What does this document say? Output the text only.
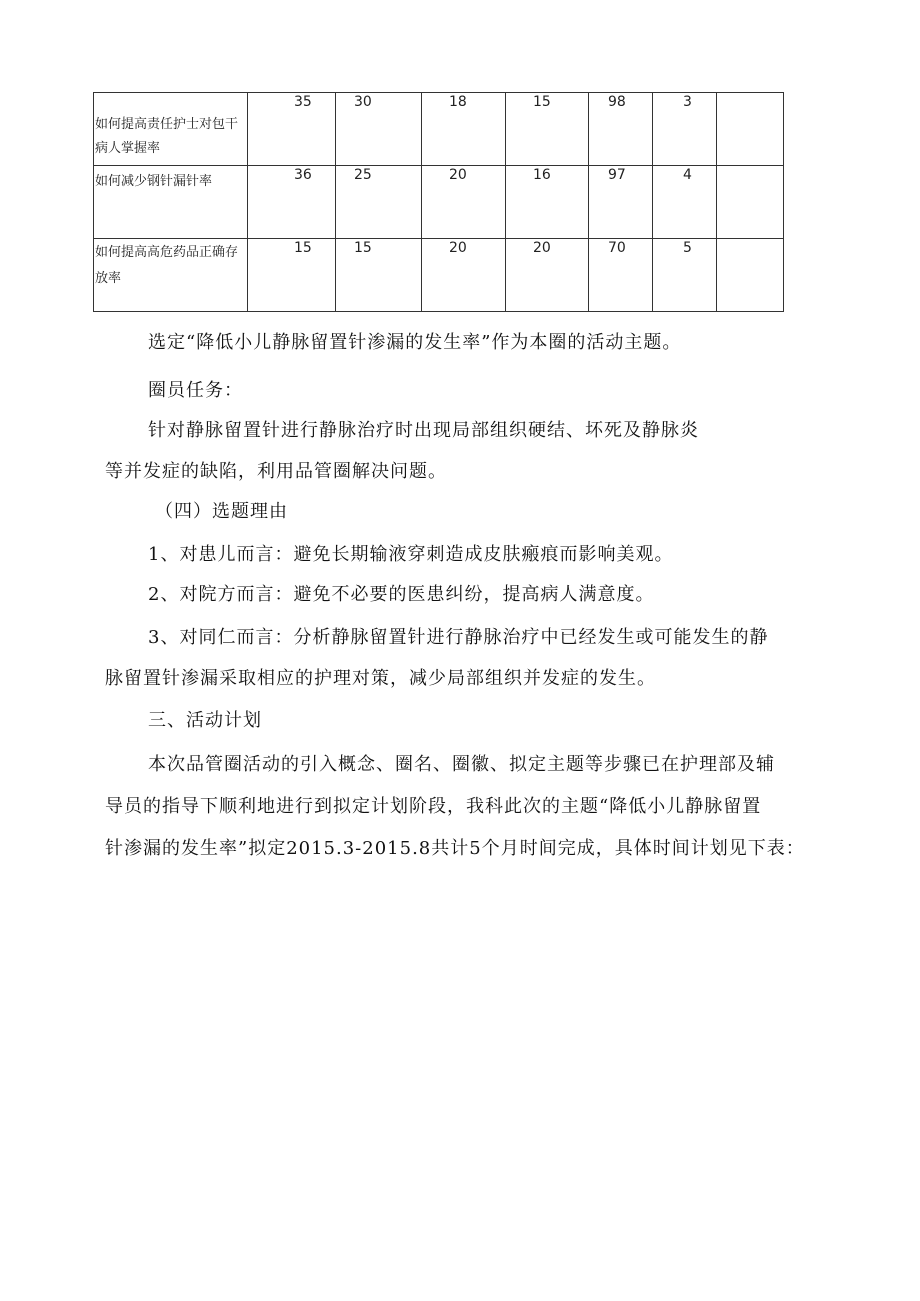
如何提高责任护士对包干病人掌握率	35	30	18	15	98	3	

如何减少钢针漏针率	36	25	20	16	97	4	

如何提高高危药品正确存放率	15	15	20	20	70	5	

选定“降低小儿静脉留置针渗漏的发生率”作为本圈的活动主题。
圈员任务：
针对静脉留置针进行静脉治疗时出现局部组织硬结、坏死及静脉炎
等并发症的缺陷，利用品管圈解决问题。
（四）选题理由
1、对患儿而言：避免长期输液穿刺造成皮肤瘢痕而影响美观。
2、对院方而言：避免不必要的医患纠纷，提高病人满意度。
3、对同仁而言：分析静脉留置针进行静脉治疗中已经发生或可能发生的静
脉留置针渗漏采取相应的护理对策，减少局部组织并发症的发生。
三、活动计划
本次品管圈活动的引入概念、圈名、圈徽、拟定主题等步骤已在护理部及辅
导员的指导下顺利地进行到拟定计划阶段，我科此次的主题“降低小儿静脉留置
针渗漏的发生率”拟定2015.3-2015.8共计5个月时间完成，具体时间计划见下表：
